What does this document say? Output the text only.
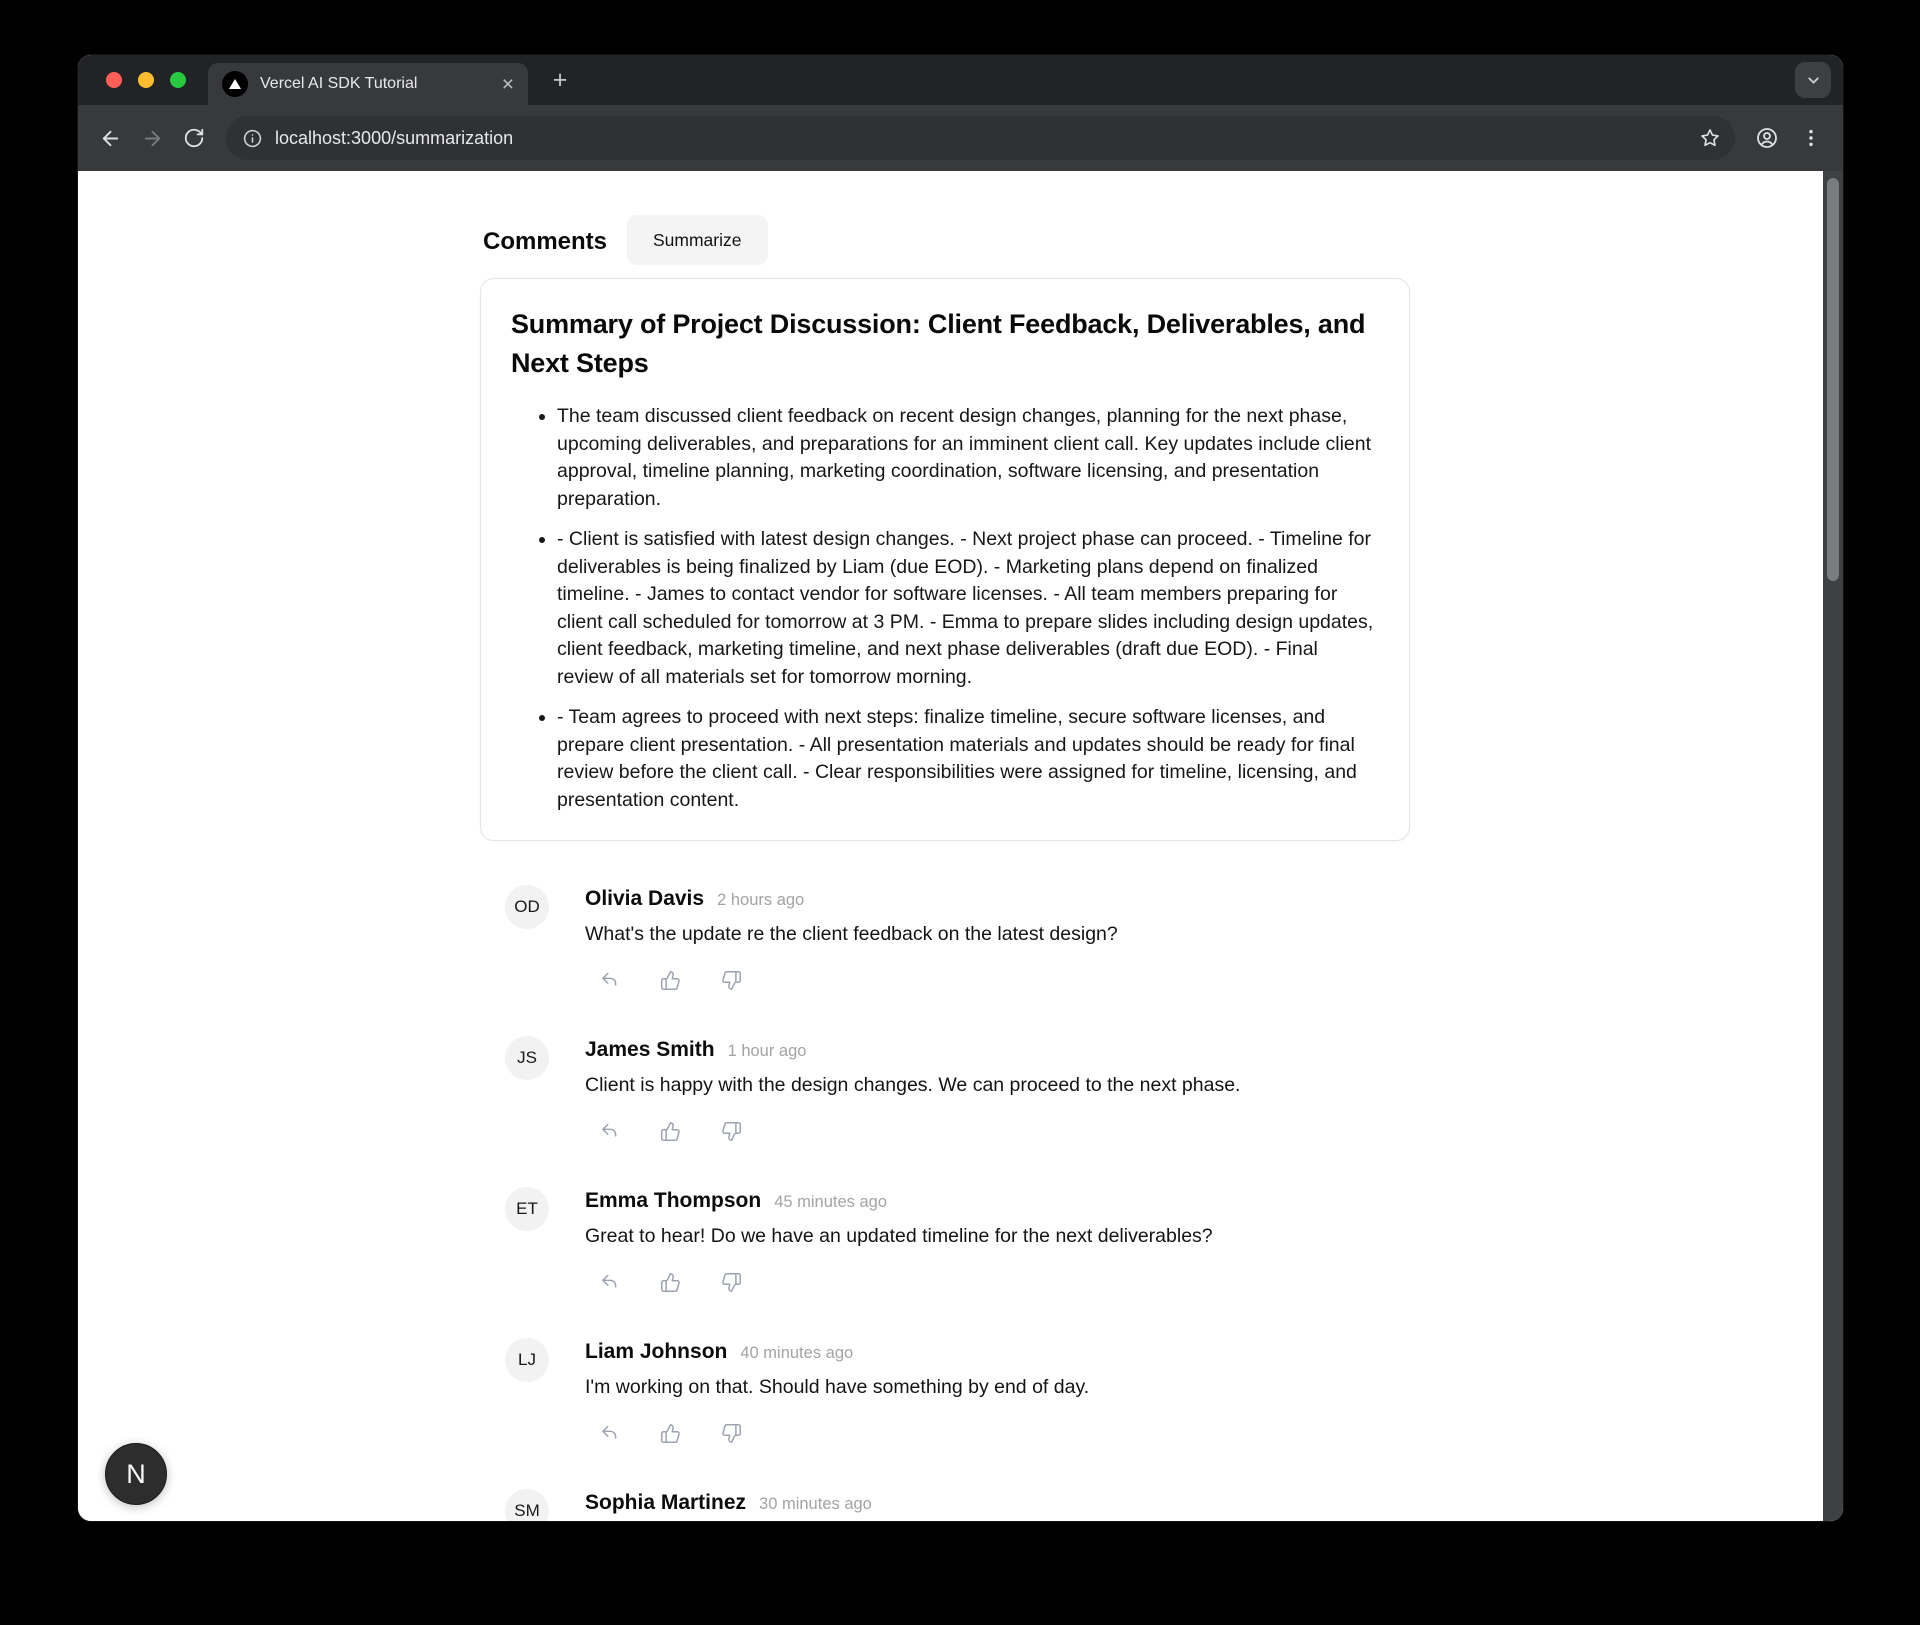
Vercel AI SDK Tutorial	× +
localhost:3000/summarization
Comments	Summarize
Summary of Project Discussion: Client Feedback, Deliverables, and Next Steps
• The team discussed client feedback on recent design changes, planning for the next phase, upcoming deliverables, and preparations for an imminent client call. Key updates include client approval, timeline planning, marketing coordination, software licensing, and presentation preparation.
• - Client is satisfied with latest design changes. - Next project phase can proceed. - Timeline for deliverables is being finalized by Liam (due EOD). - Marketing plans depend on finalized timeline. - James to contact vendor for software licenses. - All team members preparing for client call scheduled for tomorrow at 3 PM. - Emma to prepare slides including design updates, client feedback, marketing timeline, and next phase deliverables (draft due EOD). - Final review of all materials set for tomorrow morning.
• - Team agrees to proceed with next steps: finalize timeline, secure software licenses, and prepare client presentation. - All presentation materials and updates should be ready for final review before the client call. - Clear responsibilities were assigned for timeline, licensing, and presentation content.
OD	Olivia Davis 2 hours ago
What's the update re the client feedback on the latest design?
JS	James Smith 1 hour ago
Client is happy with the design changes. We can proceed to the next phase.
ET	Emma Thompson 45 minutes ago
Great to hear! Do we have an updated timeline for the next deliverables?
LJ	Liam Johnson 40 minutes ago
I'm working on that. Should have something by end of day.
SM	Sophia Martinez 30 minutes ago
N
